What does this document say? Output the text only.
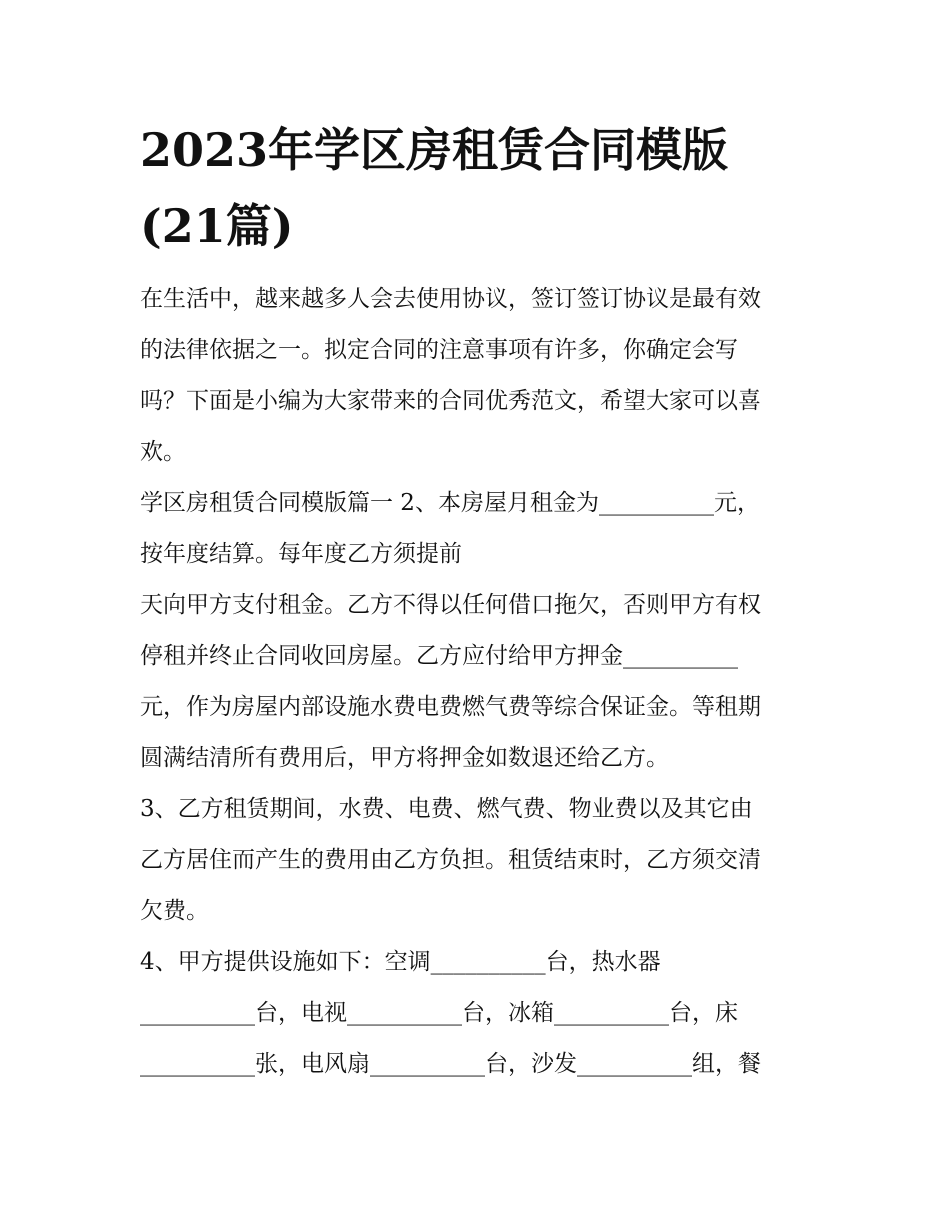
2023年学区房租赁合同模版
(21篇)
在生活中，越来越多人会去使用协议，签订签订协议是最有效
的法律依据之一。拟定合同的注意事项有许多，你确定会写
吗？下面是小编为大家带来的合同优秀范文，希望大家可以喜
欢。
学区房租赁合同模版篇一 2、本房屋月租金为__________元，
按年度结算。每年度乙方须提前
天向甲方支付租金。乙方不得以任何借口拖欠，否则甲方有权
停租并终止合同收回房屋。乙方应付给甲方押金__________
元，作为房屋内部设施水费电费燃气费等综合保证金。等租期
圆满结清所有费用后，甲方将押金如数退还给乙方。
3、乙方租赁期间，水费、电费、燃气费、物业费以及其它由
乙方居住而产生的费用由乙方负担。租赁结束时，乙方须交清
欠费。
4、甲方提供设施如下：空调__________台，热水器
__________台，电视__________台，冰箱__________台，床
__________张，电风扇__________台，沙发__________组，餐
